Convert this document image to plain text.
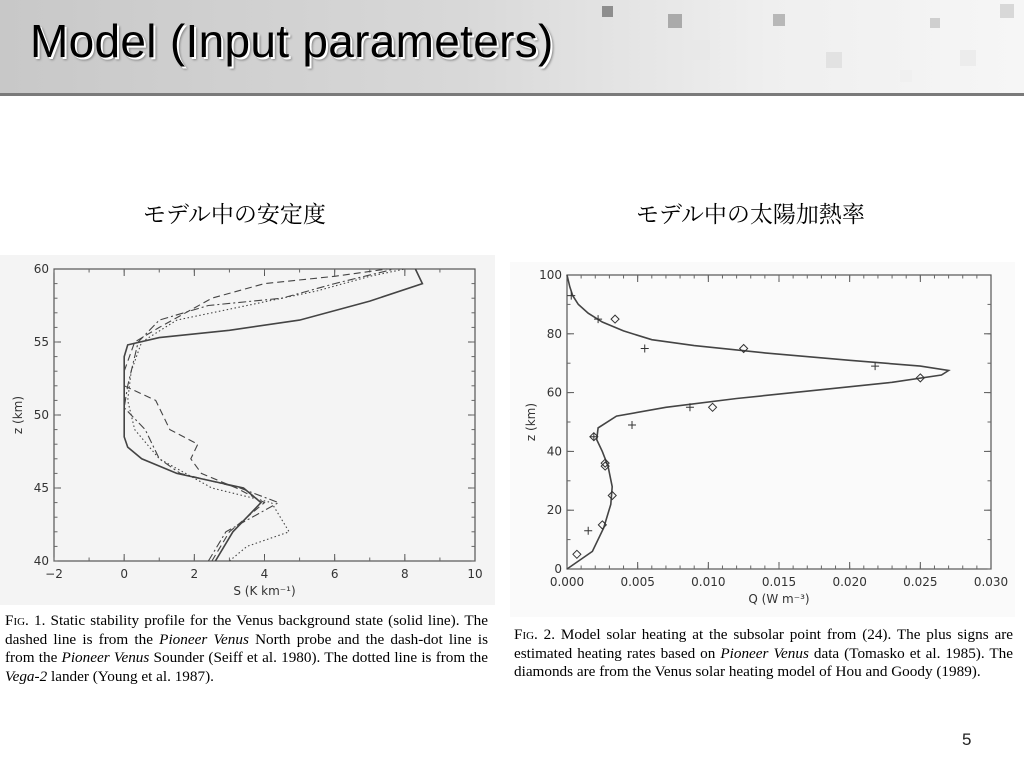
Model (Input parameters)
モデル中の安定度	モデル中の太陽加熱率
−2	0	2	4	6	8	10
40
45
50
55
60
S (K km⁻¹)
z (km)
0.000	0.005	0.010	0.015	0.020	0.025	0.030
0
20
40
60
80
100
Q (W m⁻³)
z (km)
Fig. 1. Static stability profile for the Venus background state (solid line). The dashed line is from the Pioneer Venus North probe and the dash-dot line is from the Pioneer Venus Sounder (Seiff et al. 1980). The dotted line is from the Vega-2 lander (Young et al. 1987).
Fig. 2. Model solar heating at the subsolar point from (24). The plus signs are estimated heating rates based on Pioneer Venus data (Tomasko et al. 1985). The diamonds are from the Venus solar heating model of Hou and Goody (1989).
5
